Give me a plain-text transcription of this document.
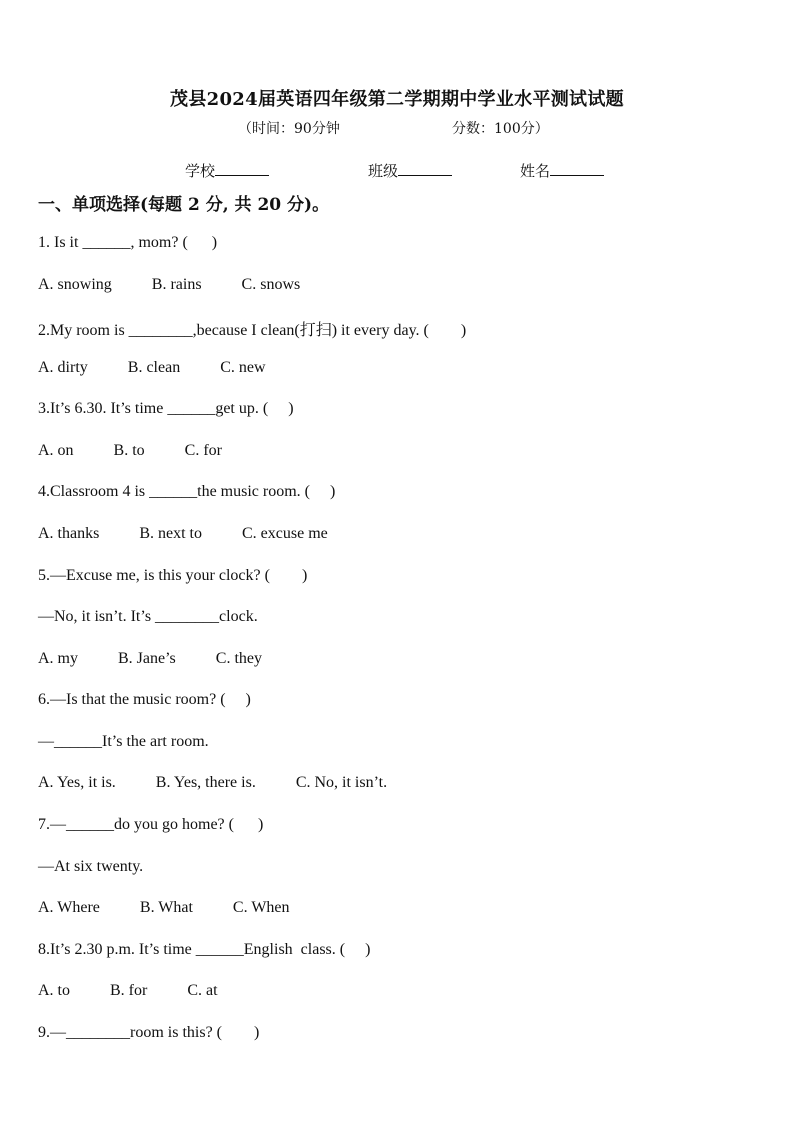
茂县2024届英语四年级第二学期期中学业水平测试试题
（时间：90分钟	分数：100分）
学校	班级	姓名
一、单项选择(每题 2 分, 共 20 分)。
1. Is it ______, mom? (      )
A. snowing          B. rains          C. snows
2.My room is ________,because I clean(打扫) it every day. (        )
A. dirty          B. clean          C. new
3.It’s 6.30. It’s time ______get up. (     )
A. on          B. to          C. for
4.Classroom 4 is ______the music room. (     )
A. thanks          B. next to          C. excuse me
5.—Excuse me, is this your clock? (        )
—No, it isn’t. It’s ________clock.
A. my          B. Jane’s          C. they
6.—Is that the music room? (     )
—______It’s the art room.
A. Yes, it is.          B. Yes, there is.          C. No, it isn’t.
7.—______do you go home? (      )
—At six twenty.
A. Where          B. What          C. When
8.It’s 2.30 p.m. It’s time ______English  class. (     )
A. to          B. for          C. at
9.—________room is this? (        )
